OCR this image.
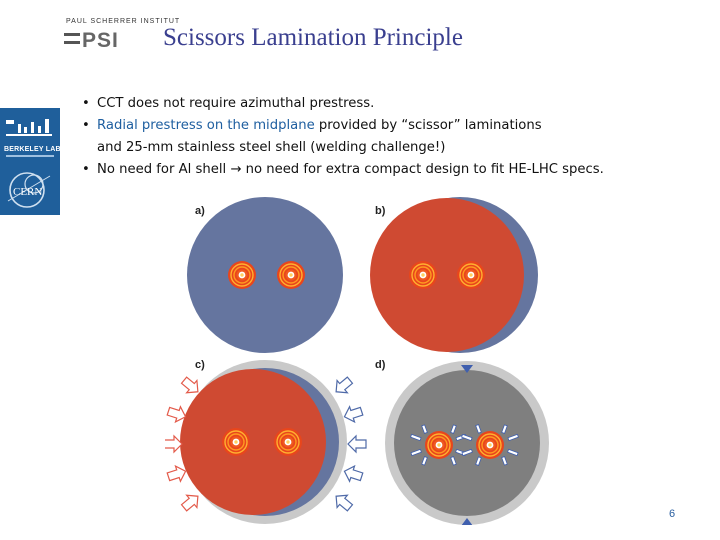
PAUL SCHERRER INSTITUT
PSI Scissors Lamination Principle
BERKELEY LAB
CERN
• CCT does not require azimuthal prestress.
• Radial prestress on the midplane provided by “scissor” laminations
and 25-mm stainless steel shell (welding challenge!)
• No need for Al shell → no need for extra compact design to fit HE-LHC specs.
a)	b)
c)	d)
6
